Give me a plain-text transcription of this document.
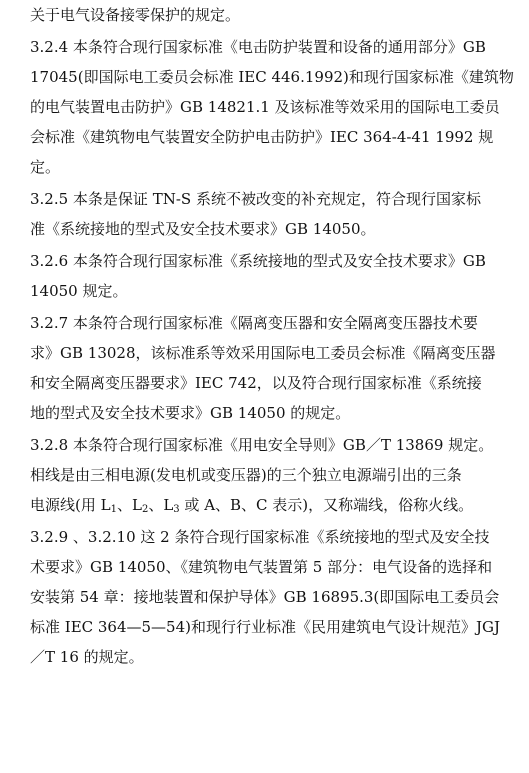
关于电气设备接零保护的规定。
3.2.4 本条符合现行国家标准《电击防护装置和设备的通用部分》GB
17045(即国际电工委员会标准 IEC 446.1992)和现行国家标准《建筑物
的电气装置电击防护》GB 14821.1 及该标准等效采用的国际电工委员
会标准《建筑物电气装置安全防护电击防护》IEC 364-4-41 1992 规
定。
3.2.5 本条是保证 TN-S 系统不被改变的补充规定，符合现行国家标
准《系统接地的型式及安全技术要求》GB 14050。
3.2.6 本条符合现行国家标准《系统接地的型式及安全技术要求》GB
14050 规定。
3.2.7 本条符合现行国家标准《隔离变压器和安全隔离变压器技术要
求》GB 13028，该标准系等效采用国际电工委员会标准《隔离变压器
和安全隔离变压器要求》IEC 742，以及符合现行国家标准《系统接
地的型式及安全技术要求》GB 14050 的规定。
3.2.8 本条符合现行国家标准《用电安全导则》GB／T 13869 规定。
相线是由三相电源(发电机或变压器)的三个独立电源端引出的三条
电源线(用 $L_1$、$L_2$、$L_3$ 或 A、B、C 表示)，又称端线，俗称火线。
3.2.9 、3.2.10 这 2 条符合现行国家标准《系统接地的型式及安全技
术要求》GB 14050、《建筑物电气装置第 5 部分：电气设备的选择和
安装第 54 章：接地装置和保护导体》GB 16895.3(即国际电工委员会
标准 IEC 364—5—54)和现行行业标准《民用建筑电气设计规范》JGJ
／T 16 的规定。
